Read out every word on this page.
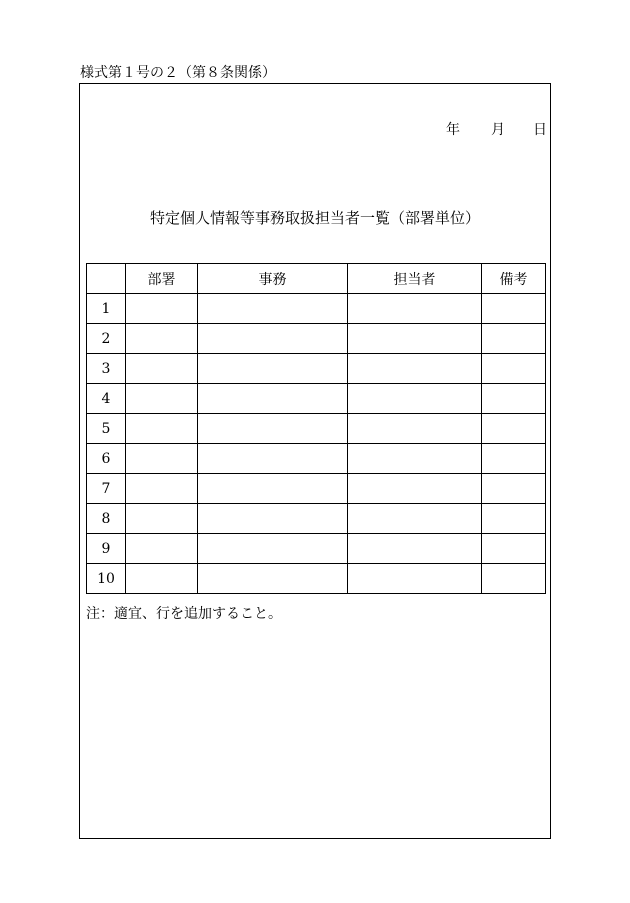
様式第１号の２（第８条関係）
年 月 日
特定個人情報等事務取扱担当者一覧（部署単位）
	部署	事務	担当者	備考
1				
2				
3				
4				
5				
6				
7				
8				
9				
10				
注：適宜、行を追加すること。
